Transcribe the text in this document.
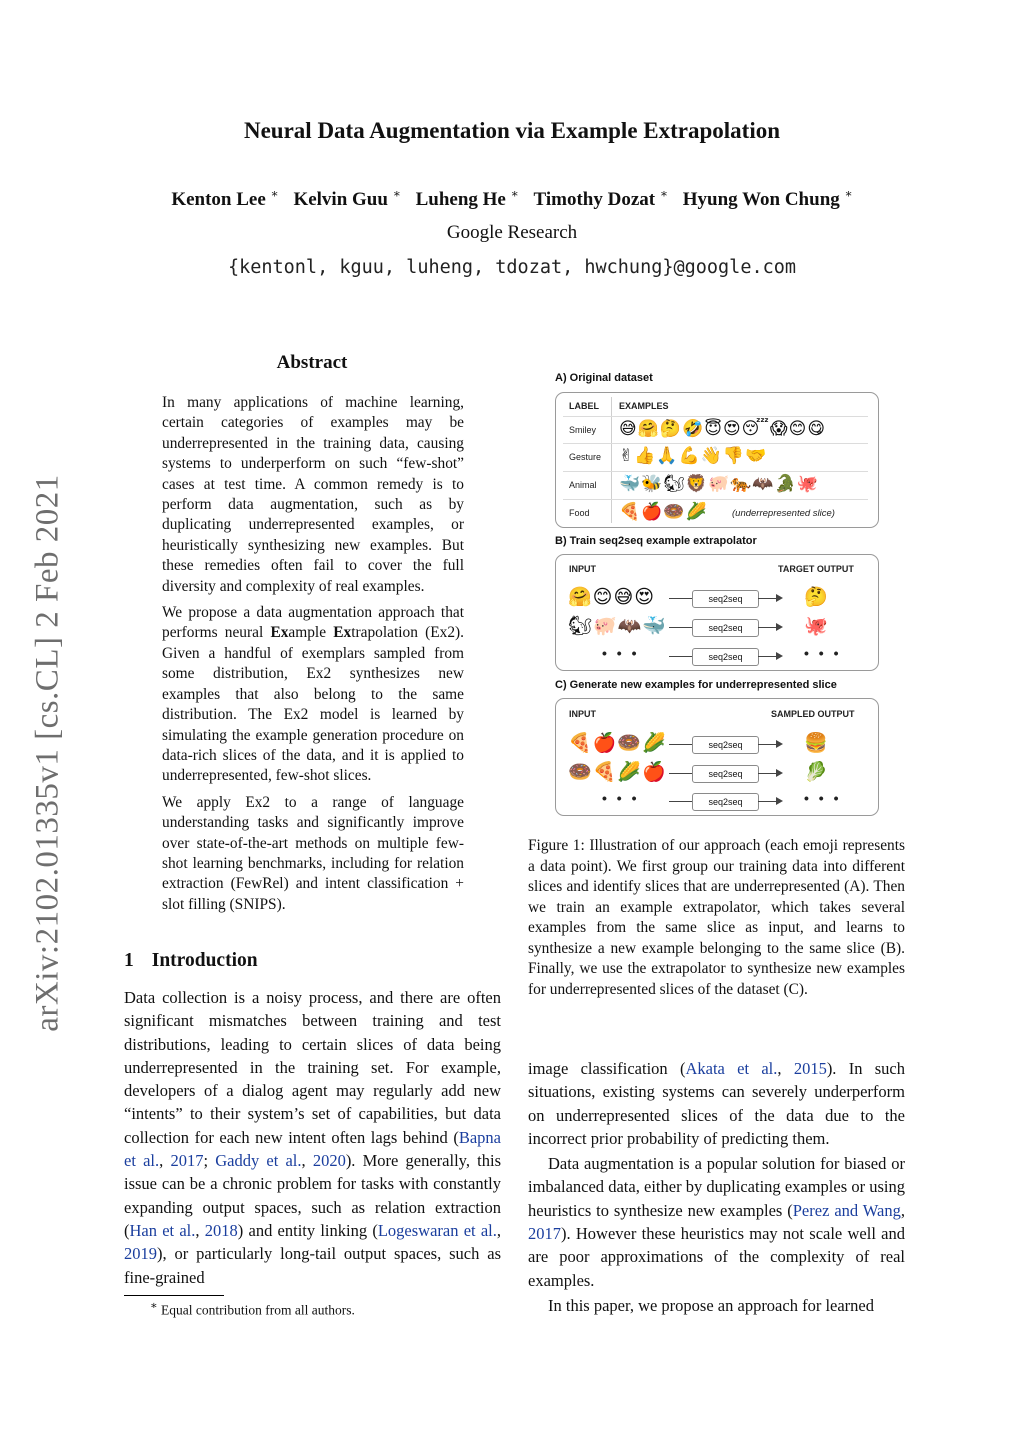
arXiv:2102.01335v1 [cs.CL] 2 Feb 2021
Neural Data Augmentation via Example Extrapolation
Kenton Lee ∗ Kelvin Guu ∗ Luheng He ∗ Timothy Dozat ∗ Hyung Won Chung ∗
Google Research
{kentonl, kguu, luheng, tdozat, hwchung}@google.com
Abstract

In many applications of machine learning, certain categories of examples may be underrepresented in the training data, causing systems to underperform on such “few-shot” cases at test time. A common remedy is to perform data augmentation, such as by duplicating underrepresented examples, or heuristically synthesizing new examples. But these remedies often fail to cover the full diversity and complexity of real examples.

We propose a data augmentation approach that performs neural Example Extrapolation (Ex2). Given a handful of exemplars sampled from some distribution, Ex2 synthesizes new examples that also belong to the same distribution. The Ex2 model is learned by simulating the example generation procedure on data-rich slices of the data, and it is applied to underrepresented, few-shot slices.

We apply Ex2 to a range of language understanding tasks and significantly improve over state-of-the-art methods on multiple few-shot learning benchmarks, including for relation extraction (FewRel) and intent classification + slot filling (SNIPS).

1 Introduction

Data collection is a noisy process, and there are often significant mismatches between training and test distributions, leading to certain slices of data being underrepresented in the training set. For example, developers of a dialog agent may regularly add new “intents” to their system’s set of capabilities, but data collection for each new intent often lags behind (Bapna et al., 2017; Gaddy et al., 2020). More generally, this issue can be a chronic problem for tasks with constantly expanding output spaces, such as relation extraction (Han et al., 2018) and entity linking (Logeswaran et al., 2019), or particularly long-tail output spaces, such as fine-grained

∗ Equal contribution from all authors.
A) Original dataset
LABEL EXAMPLES
Smiley 😅🤗🤔🤣😇😍😴😱😊😋
Gesture ✌👍🙏💪👋👎🤝
Animal 🐳🐝🐿🦁🐖🐅🦇🐊🐙
Food 🍕🍎🍩🌽	(underrepresented slice)
B) Train seq2seq example extrapolator
INPUT	TARGET OUTPUT
🤗😊😅😍	seq2seq	🤔
🐿🐖🦇🐳	seq2seq	🐙
• • •	seq2seq	• • •
C) Generate new examples for underrepresented slice
INPUT	SAMPLED OUTPUT
🍕🍎🍩🌽	seq2seq	🍔
🍩🍕🌽🍎	seq2seq	🥬
• • •	seq2seq	• • •
Figure 1: Illustration of our approach (each emoji represents a data point). We first group our training data into different slices and identify slices that are underrepresented (A). Then we train an example extrapolator, which takes several examples from the same slice as input, and learns to synthesize a new example belonging to the same slice (B). Finally, we use the extrapolator to synthesize new examples for underrepresented slices of the dataset (C).

image classification (Akata et al., 2015). In such situations, existing systems can severely underperform on underrepresented slices of the data due to the incorrect prior probability of predicting them.

Data augmentation is a popular solution for biased or imbalanced data, either by duplicating examples or using heuristics to synthesize new examples (Perez and Wang, 2017). However these heuristics may not scale well and are poor approximations of the complexity of real examples.

In this paper, we propose an approach for learned
